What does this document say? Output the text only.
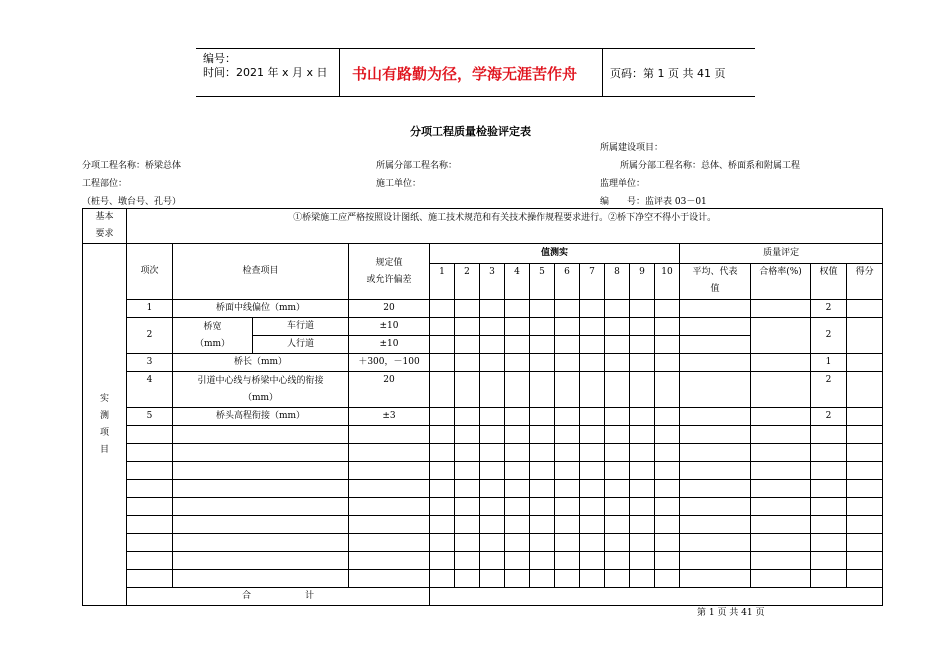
编号：
时间：2021 年 x 月 x 日 书山有路勤为径，学海无涯苦作舟	页码：第 1 页 共 41 页
分项工程质量检验评定表
所属建设项目：
分项工程名称：桥梁总体	所属分部工程名称：	所属分部工程名称：总体、桥面系和附属工程
工程部位：	施工单位：	监理单位：
（桩号、墩台号、孔号）	编　　号：监评表 03－01
基本
要求	①桥梁施工应严格按照设计图纸、施工技术规范和有关技术操作规程要求进行。②桥下净空不得小于设计。																	
实
测
项
目	项次	检查项目		规定值
或允许偏差	值测实										质量评定			
					1	2	3	4	5	6	7	8	9	10	平均、代表
值	合格率(%)	权值	得分
	1	桥面中线偏位（mm）		20													2	
	2	桥宽
（mm）	车行道	±10													2	
			人行道	±10														
	3	桥长（mm）		＋300，－100													1	
	4	引道中心线与桥梁中心线的衔接
（mm）		20													2	
	5	桥头高程衔接（mm）		±3													2	

	合　　　　　　计																	
第 1 页 共 41 页
